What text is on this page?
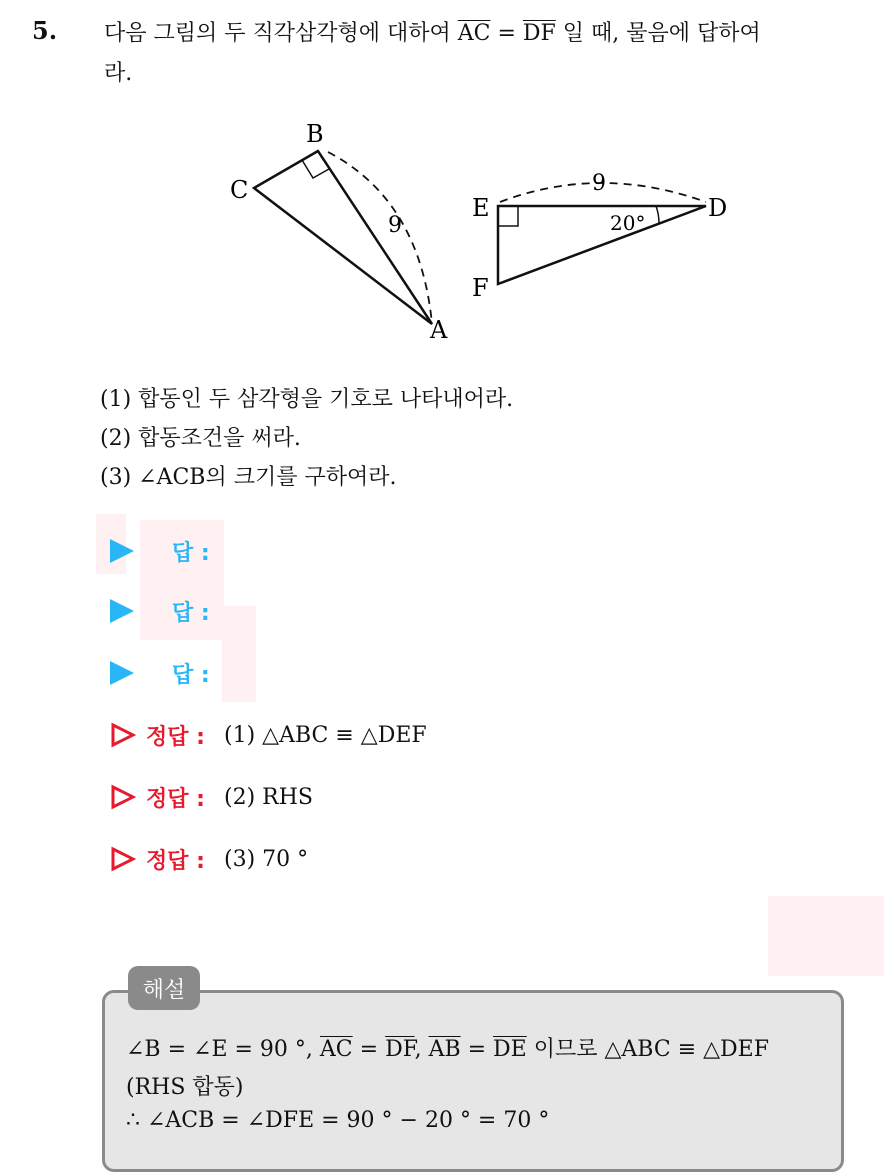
5. 다음 그림의 두 직각삼각형에 대하여 $\overline{AC} = \overline{DF}$ 일 때, 물음에 답하여
라.
B
C
A
9
E	D
F
9
20°
(1) 합동인 두 삼각형을 기호로 나타내어라.
(2) 합동조건을 써라.
(3) ∠ACB의 크기를 구하여라.
답 :
답 :
답 :
정답 : (1) △ABC ≡ △DEF
정답 : (2) RHS
정답 : (3) 70 °
해설
∠B = ∠E = 90 °, $\overline{AC} = \overline{DF}$, $\overline{AB} = \overline{DE}$ 이므로 △ABC ≡ △DEF
(RHS 합동)
∴ ∠ACB = ∠DFE = 90 ° − 20 ° = 70 °
